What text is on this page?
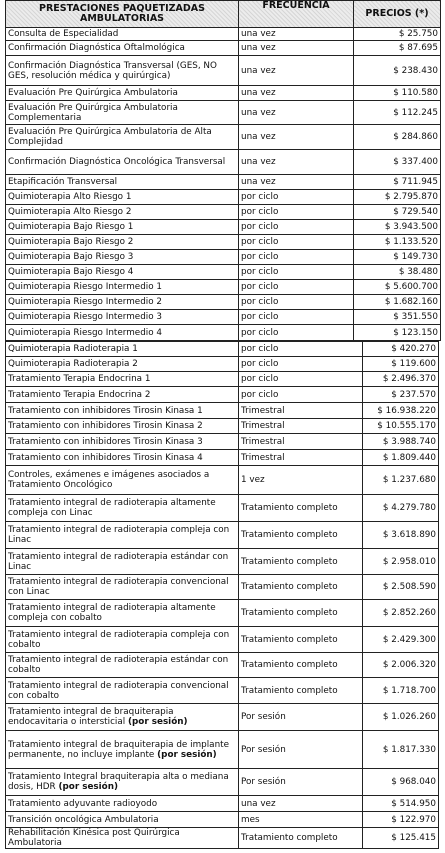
PRESTACIONES PAQUETIZADAS AMBULATORIAS	FRECUENCIA	PRECIOS (*)
Consulta de Especialidad	una vez	$ 25.750
Confirmación Diagnóstica Oftalmológica	una vez	$ 87.695
Confirmación Diagnóstica Transversal (GES, NO GES, resolución médica y quirúrgica)	una vez	$ 238.430
Evaluación Pre Quirúrgica Ambulatoria	una vez	$ 110.580
Evaluación Pre Quirúrgica Ambulatoria Complementaria	una vez	$ 112.245
Evaluación Pre Quirúrgica Ambulatoria de Alta Complejidad	una vez	$ 284.860
Confirmación Diagnóstica Oncológica Transversal	una vez	$ 337.400
Etapificación Transversal	una vez	$ 711.945
Quimioterapia Alto Riesgo 1	por ciclo	$ 2.795.870
Quimioterapia Alto Riesgo 2	por ciclo	$ 729.540
Quimioterapia Bajo Riesgo 1	por ciclo	$ 3.943.500
Quimioterapia Bajo Riesgo 2	por ciclo	$ 1.133.520
Quimioterapia Bajo Riesgo 3	por ciclo	$ 149.730
Quimioterapia Bajo Riesgo 4	por ciclo	$ 38.480
Quimioterapia Riesgo Intermedio 1	por ciclo	$ 5.600.700
Quimioterapia Riesgo Intermedio 2	por ciclo	$ 1.682.160
Quimioterapia Riesgo Intermedio 3	por ciclo	$ 351.550
Quimioterapia Riesgo Intermedio 4	por ciclo	$ 123.150
Quimioterapia Radioterapia 1	por ciclo	$ 420.270
Quimioterapia Radioterapia 2	por ciclo	$ 119.600
Tratamiento Terapia Endocrina 1	por ciclo	$ 2.496.370
Tratamiento Terapia Endocrina 2	por ciclo	$ 237.570
Tratamiento con inhibidores Tirosin Kinasa 1	Trimestral	$ 16.938.220
Tratamiento con inhibidores Tirosin Kinasa 2	Trimestral	$ 10.555.170
Tratamiento con inhibidores Tirosin Kinasa 3	Trimestral	$ 3.988.740
Tratamiento con inhibidores Tirosin Kinasa 4	Trimestral	$ 1.809.440
Controles, exámenes e imágenes asociados a Tratamiento Oncológico	1 vez	$ 1.237.680
Tratamiento integral de radioterapia altamente compleja con Linac	Tratamiento completo	$ 4.279.780
Tratamiento integral de radioterapia compleja con Linac	Tratamiento completo	$ 3.618.890
Tratamiento integral de radioterapia estándar con Linac	Tratamiento completo	$ 2.958.010
Tratamiento integral de radioterapia convencional con Linac	Tratamiento completo	$ 2.508.590
Tratamiento integral de radioterapia altamente compleja con cobalto	Tratamiento completo	$ 2.852.260
Tratamiento integral de radioterapia compleja con cobalto	Tratamiento completo	$ 2.429.300
Tratamiento integral de radioterapia estándar con cobalto	Tratamiento completo	$ 2.006.320
Tratamiento integral de radioterapia convencional con cobalto	Tratamiento completo	$ 1.718.700
Tratamiento integral de braquiterapia endocavitaria o intersticial (por sesión)	Por sesión	$ 1.026.260
Tratamiento integral de braquiterapia de implante permanente, no incluye implante (por sesión)	Por sesión	$ 1.817.330
Tratamiento Integral braquiterapia alta o mediana dosis, HDR (por sesión)	Por sesión	$ 968.040
Tratamiento adyuvante radioyodo	una vez	$ 514.950
Transición oncológica Ambulatoria	mes	$ 122.970
Rehabilitación Kinésica post Quirúrgica Ambulatoria	Tratamiento completo	$ 125.415
